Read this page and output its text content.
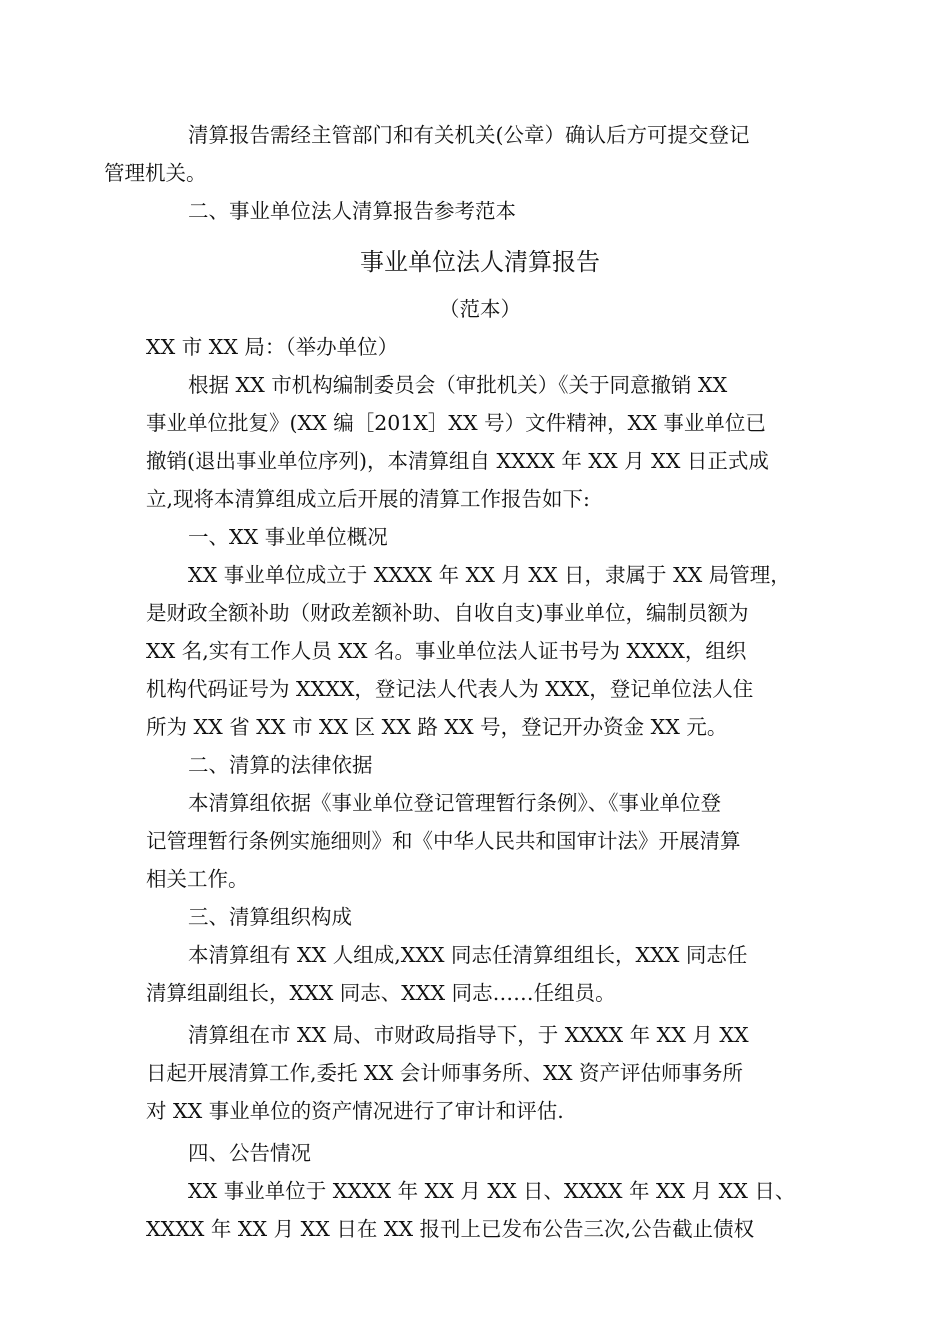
清算报告需经主管部门和有关机关(公章）确认后方可提交登记
管理机关。

二、事业单位法人清算报告参考范本

事业单位法人清算报告
（范本）

XX 市 XX 局：（举办单位）

根据 XX 市机构编制委员会（审批机关）《关于同意撤销 XX
事业单位批复》(XX 编［201X］XX 号）文件精神，XX 事业单位已
撤销(退出事业单位序列)，本清算组自 XXXX 年 XX 月 XX 日正式成
立,现将本清算组成立后开展的清算工作报告如下:

一、XX 事业单位概况

XX 事业单位成立于 XXXX 年 XX 月 XX 日，隶属于 XX 局管理，
是财政全额补助（财政差额补助、自收自支)事业单位，编制员额为
XX 名,实有工作人员 XX 名。事业单位法人证书号为 XXXX，组织
机构代码证号为 XXXX，登记法人代表人为 XXX，登记单位法人住
所为 XX 省 XX 市 XX 区 XX 路 XX 号，登记开办资金 XX 元。

二、清算的法律依据

本清算组依据《事业单位登记管理暂行条例》、《事业单位登
记管理暂行条例实施细则》和《中华人民共和国审计法》开展清算
相关工作。

三、清算组织构成

本清算组有 XX 人组成,XXX 同志任清算组组长，XXX 同志任
清算组副组长，XXX 同志、XXX 同志……任组员。

清算组在市 XX 局、市财政局指导下，于 XXXX 年 XX 月 XX
日起开展清算工作,委托 XX 会计师事务所、XX 资产评估师事务所
对 XX 事业单位的资产情况进行了审计和评估.

四、公告情况

XX 事业单位于 XXXX 年 XX 月 XX 日、XXXX 年 XX 月 XX 日、
XXXX 年 XX 月 XX 日在 XX 报刊上已发布公告三次,公告截止债权
